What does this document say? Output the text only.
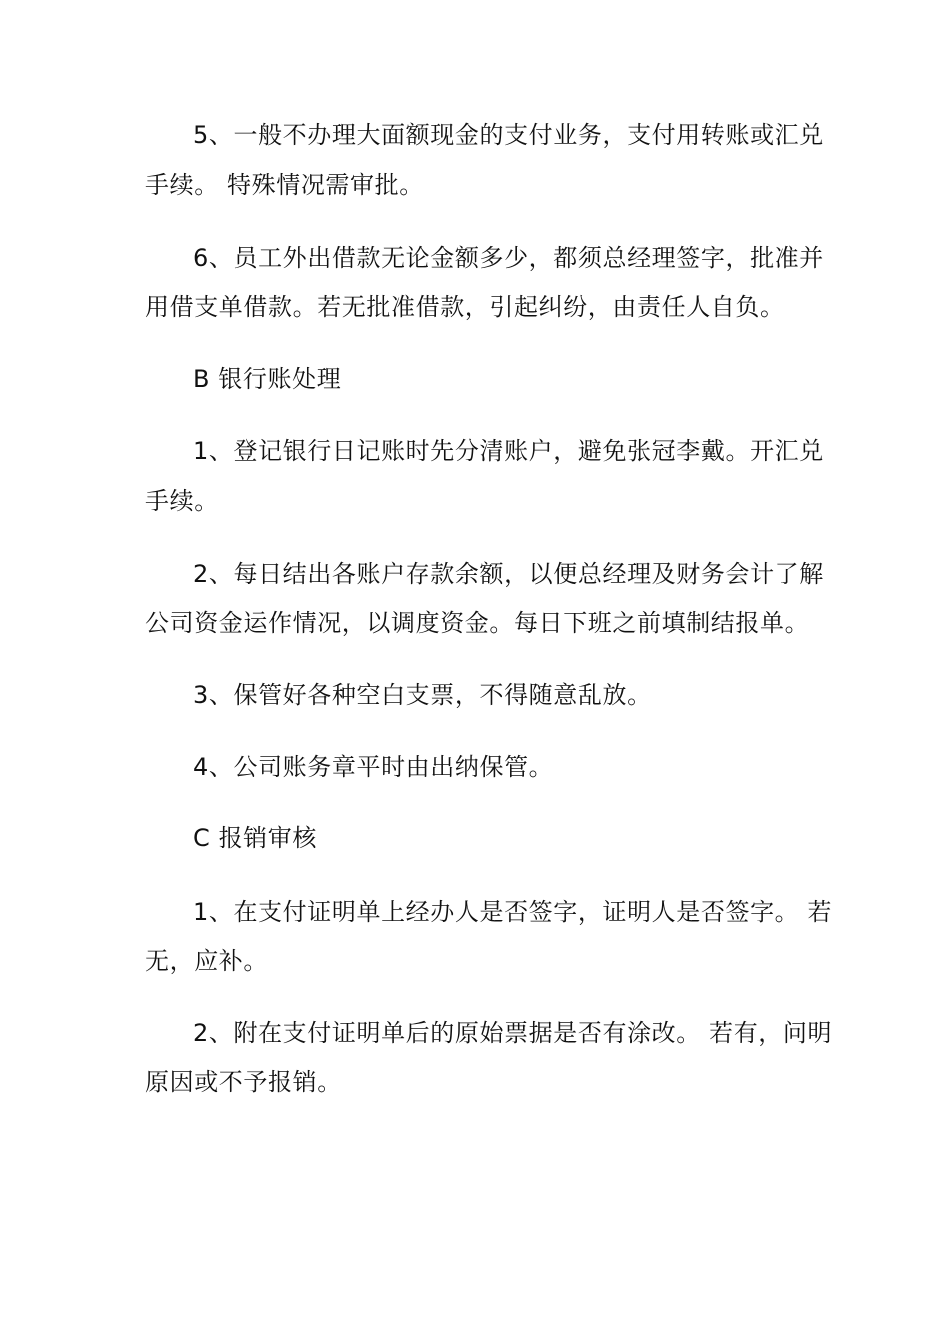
5、一般不办理大面额现金的支付业务，支付用转账或汇兑
手续。 特殊情况需审批。
6、员工外出借款无论金额多少，都须总经理签字，批准并
用借支单借款。若无批准借款，引起纠纷，由责任人自负。
B 银行账处理
1、登记银行日记账时先分清账户，避免张冠李戴。开汇兑
手续。
2、每日结出各账户存款余额，以便总经理及财务会计了解
公司资金运作情况，以调度资金。每日下班之前填制结报单。
3、保管好各种空白支票，不得随意乱放。
4、公司账务章平时由出纳保管。
C 报销审核
1、在支付证明单上经办人是否签字，证明人是否签字。 若
无，应补。
2、附在支付证明单后的原始票据是否有涂改。 若有，问明
原因或不予报销。
